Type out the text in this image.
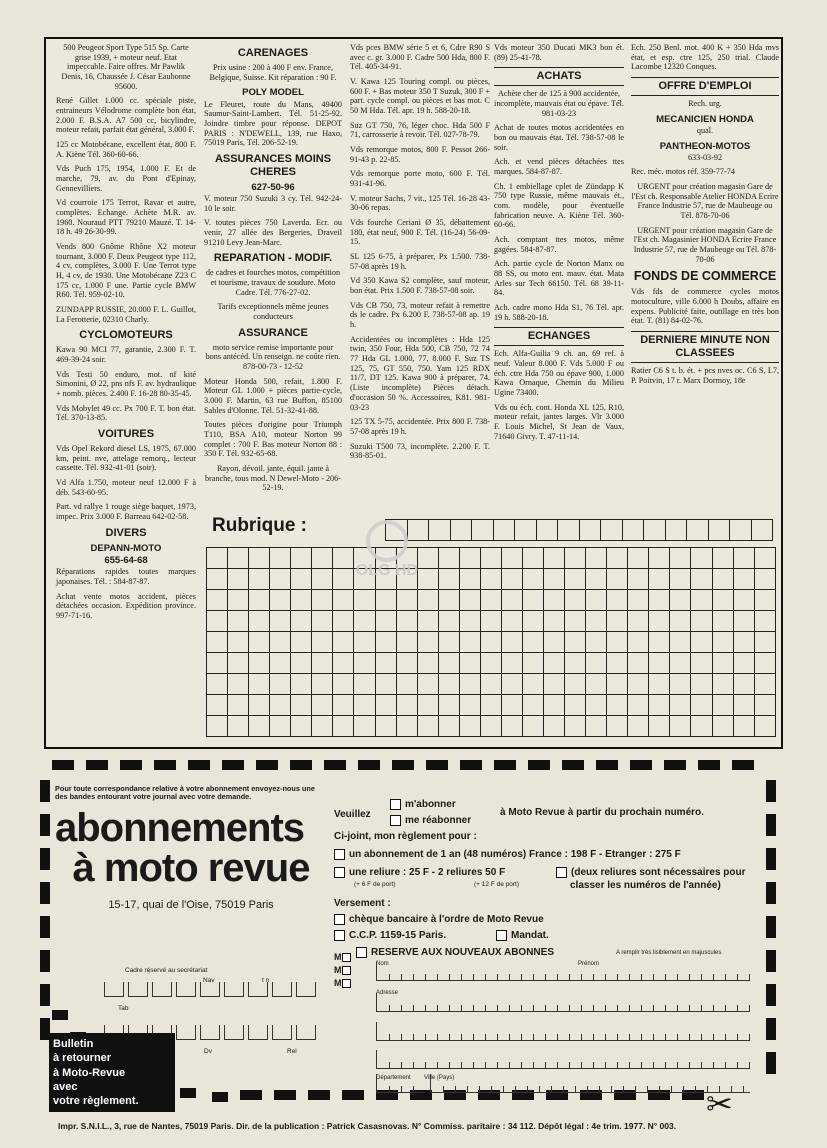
500 Peugeot Sport Type 515 Sp. Carte grise 1939, + moteur neuf. Etat impeccable. Faire offres. Mr Pawlik Denis, 16, Chaussée J. César Eaubonne 95600.
René Gillet 1.000 cc. spéciale piste, entraineurs Vélodrome complète bon état, 2.000 F. B.S.A. A7 500 cc, bicylindre, moteur refait, parfait état général, 3.000 F.
125 cc Motobécane, excellent état, 800 F. A. Kiène Tél. 360-60-66.
Vds Puch 175, 1954, 1.000 F. Et de marche, 79, av. du Pont d'Epinay, Gennevilliers.
Vd courroie 175 Terrot, Ravar et autre, complètes. Echange. Achète M.R. av. 1960. Nouraud PTT 79210 Mauzé. T. 14-18 h. 49 26-30-99.
Vends 800 Gnôme Rhône X2 moteur tournant, 3.000 F. Deux Peugeot type 112, 4 cv, complètes, 3.000 F. Une Terrot type H, 4 cv, de 1930. Une Motobécane Z23 C 175 cc, 1.000 F une. Partie cycle BMW R60. Tél. 959-02-10.
ZUNDAPP RUSSIE, 20.000 F. L. Guillot, La Ferotterie, 02310 Charly.
CYCLOMOTEURS
Kawa 90 MCI 77, garantie, 2.300 F. T. 469-39-24 soir.
Vds Testi 50 enduro, mot. nf kité Simonini, Ø 22, pns nfs F. av. hydraulique + nomb. pièces. 2.400 F. 16-28 80-35-45.
Vds Mobylet 49 cc. Px 700 F. T. bon état. Tél. 370-13-85.
VOITURES
Vds Opel Rekord diesel LS, 1975, 67.000 km, peint. nve, attelage remorq., lecteur cassette. Tél. 932-41-01 (soir).
Vd Alfa 1.750, moteur neuf 12.000 F à déb. 543-60-95.
Part. vd rallye 1 rouge siège baquet, 1973, impec. Prix 3.000 F. Barreau 642-02-58.
DIVERS
DEPANN-MOTO
655-64-68
Réparations rapides toutes marques japonaises. Tél. : 584-87-87.
Achat vente motos accident, pièces détachées occasion. Expédition province. 997-71-16.
CARENAGES
Prix usine : 200 à 400 F env. France, Belgique, Suisse. Kit réparation : 90 F.
POLY MODEL
Le Fleuret, route du Mans, 49400 Saumur-Saint-Lambert. Tél. 51-25-92. Joindre timbre pour réponse. DEPOT PARIS : N'DEWELL, 139, rue Haxo, 75019 Paris, Tél. 206-52-19.
ASSURANCES MOINS CHERES
627-50-96
V. moteur 750 Suzuki 3 cy. Tél. 942-24-10 le soir.
V. toutes pièces 750 Laverda. Ecr. ou venir, 27 allée des Bergeries, Draveil 91210 Levy Jean-Marc.
REPARATION - MODIF.
de cadres et fourches motos, compétition et tourisme, travaux de soudure. Moto Cadre. Tél. 776-27-02.
Tarifs exceptionnels même jeunes conducteurs
ASSURANCE
moto service remise importante pour bons antécéd. Un renseign. ne coûte rien. 878-00-73 - 12-52
Moteur Honda 500, refait, 1.800 F. Moteur GL 1.000 + pièces partie-cycle, 3.000 F. Martin, 63 rue Buffon, 85100 Sables d'Olonne. Tél. 51-32-41-88.
Toutes pièces d'origine pour Triumph T110, BSA A10, moteur Norton 99 complet : 700 F. Bas moteur Norton 88 : 350 F. Tél. 932-65-68.
Rayon, dévoil. jante, équil. jante à branche, tous mod. N Dewel-Moto - 206-52-19.
Vds pces BMW série 5 et 6, Cdre R90 S avec c. gr. 3.000 F. Cadre 500 Hda, 800 F. Tél. 405-34-91.
V. Kawa 125 Touring compl. ou pièces, 600 F. + Bas moteur 350 T Suzuk, 300 F + part. cycle compl. ou pièces et bas mot. C 50 M Hda. Tél. apr. 19 h. 588-20-18.
Suz GT 750, 76, léger choc. Hda 500 F 71, carrosserie à revoir. Tél. 027-78-79.
Vds remorque motos, 800 F. Pessot 266-91-43 p. 22-85.
Vds remorque porte moto, 600 F. Tél. 931-41-96.
V. moteur Sachs, 7 vit., 125 Tél. 16-28 43-30-06 repas.
Vds fourche Ceriani Ø 35, débattement 180, état neuf, 900 F. Tél. (16-24) 56-09-15.
SL 125 6-75, à préparer, Px 1.500. 738-57-08 après 19 h.
Vd 350 Kawa S2 complète, sauf moteur, bon état. Prix 1.500 F. 738-57-08 soir.
Vds CB 750, 73, moteur refait à remettre ds le cadre. Px 6.200 F. 738-57-08 ap. 19 h.
Accidentées ou incomplètes : Hda 125 twin, 350 Four, Hda 500, CB 750, 72 74 77 Hda GL 1.000, 77, 8.000 F. Suz TS 125, 75, GT 550, 750. Yam 125 RDX 11/7, DT 125. Kawa 900 à préparer, 74. (Liste incomplète) Pièces détach. d'occasion 50 %. Accessoires, K81. 981-03-23
125 TX 5-75, accidentée. Prix 800 F. 738-57-08 après 19 h.
Suzuki T500 73, incomplète. 2.200 F. T. 938-85-01.
Vds moteur 350 Ducati MK3 bon ét. (89) 25-41-78.
ACHATS
Achète cher de 125 à 900 accidentée, incomplète, mauvais état ou épave. Tél. 981-03-23
Achat de toutes motos accidentées en bon ou mauvais état. Tél. 738-57-08 le soir.
Ach. et vend pièces détachées ttes marques. 584-87-87.
Ch. 1 embiellage cplet de Zündapp K 750 type Russie, même mauvais ét., com. modèle, pour éventuelle fabrication neuve. A. Kiène Tél. 360-60-66.
Ach. comptant ttes motos, même gagées. 584-87-87.
Ach. partie cycle de Norton Manx ou 88 SS, ou moto ent. mauv. état. Mata Arles sur Tech 66150. Tél. 68 39-11-84.
Ach. cadre mono Hda S1, 76 Tél. apr. 19 h. 588-20-18.
ECHANGES
Ech. Alfa-Guilia 9 ch. an. 69 ref. à neuf. Valeur 8.000 F. Vds 5.000 F ou éch. ctre Hda 750 ou épave 900, 1.000 Kawa Ornaque, Chemin du Milieu Ugine 73400.
Vds ou éch. cont. Honda XL 125, R10, moteur refait, jantes larges. Vlr 3.000 F. Louis Michel, St Jean de Vaux, 71640 Givry. T. 47-11-14.
Ech. 250 Benl. mot. 400 K + 350 Hda mvs état, et esp. ctre 125, 250 trial. Claude Lacombe 12320 Conques.
OFFRE D'EMPLOI
Rech. urg.
MECANICIEN HONDA
qual.
PANTHEON-MOTOS
633-03-92
Rec. méc. motos réf. 359-77-74
URGENT pour création magasin Gare de l'Est ch. Responsable Atelier HONDA Ecrire France Industrie 57, rue de Maubeuge ou Tél. 878-70-06
URGENT pour création magasin Gare de l'Est ch. Magasinier HONDA Ecrire France Industrie 57, rue de Maubeuge ou Tél. 878-70-06
FONDS DE COMMERCE
Vds fds de commerce cycles motos motoculture, ville 6.000 h Doubs, affaire en expens. Publicité faite, outillage en très bon état. T. (81) 84-02-76.
DERNIERE MINUTE NON CLASSEES
Ratier C6 S t. b. ét. + pcs nves oc. C6 S, L7, P. Poitvin, 17 r. Marx Dormoy, 18e
Rubrique :

OLG HD
Pour toute correspondance relative à votre abonnement envoyez-nous une des bandes entourant votre journal avec votre demande.
abonnements
à moto revue
15-17, quai de l'Oise, 75019 Paris
Cadre réservé au secrétariat
Tab
Nav	t n
Dv	Rel
Bulletin
à retourner
à Moto-Revue
avec
votre règlement.
Veuillez
m'abonner
me réabonner
à Moto Revue à partir du prochain numéro.
Ci-joint, mon règlement pour :
un abonnement de 1 an (48 numéros) France : 198 F - Etranger : 275 F
une reliure : 25 F - 2 reliures 50 F	(deux reliures sont nécessaires pour
(+ 6 F de port)	(+ 12 F de port)	classer les numéros de l'année)
Versement :
chèque bancaire à l'ordre de Moto Revue
C.C.P. 1159-15 Paris.	Mandat.
M
M
M
RESERVE AUX NOUVEAUX ABONNES	A remplir très lisiblement en majuscules
Nom	Prénom
Adresse
Département Ville (Pays)
✂
Impr. S.N.I.L., 3, rue de Nantes, 75019 Paris. Dir. de la publication : Patrick Casasnovas. N° Commiss. paritaire : 34 112. Dépôt légal : 4e trim. 1977. N° 003.
